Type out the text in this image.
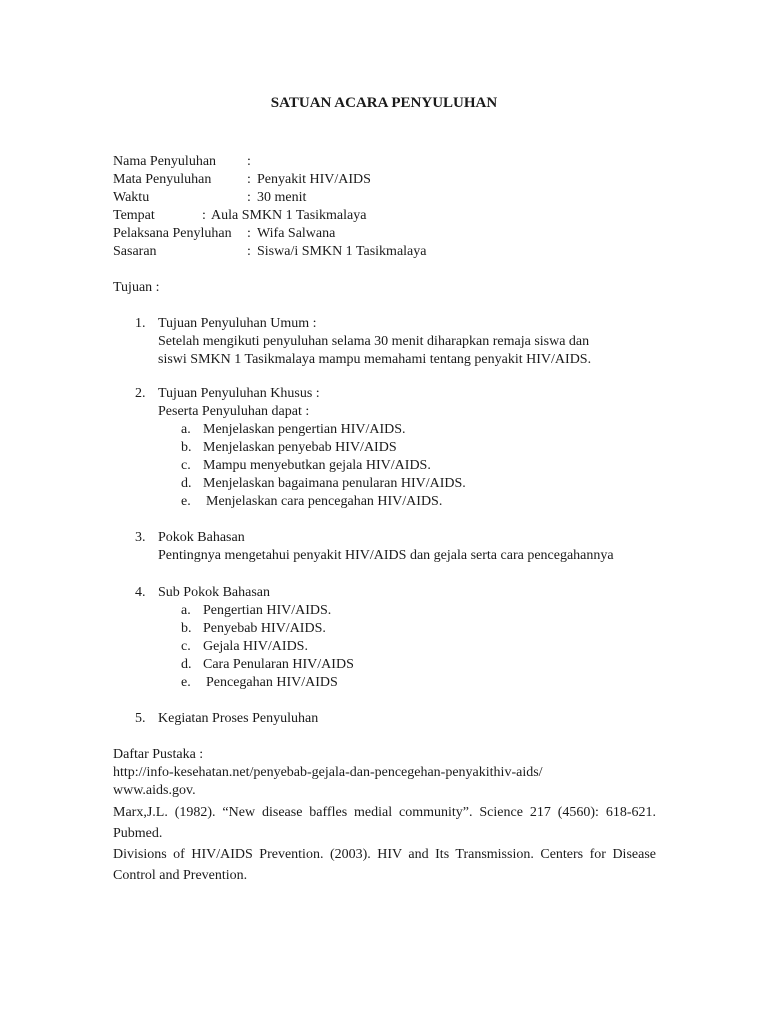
SATUAN ACARA PENYULUHAN
Nama Penyuluhan :
Mata Penyuluhan	: Penyakit HIV/AIDS
Waktu	: 30 menit
Tempat	: Aula SMKN 1 Tasikmalaya
Pelaksana Penyluhan : Wifa Salwana
Sasaran	: Siswa/i SMKN 1 Tasikmalaya
Tujuan :
1. Tujuan Penyuluhan Umum :
Setelah mengikuti penyuluhan selama 30 menit diharapkan remaja siswa dan
siswi SMKN 1 Tasikmalaya mampu memahami tentang penyakit HIV/AIDS.
2. Tujuan Penyuluhan Khusus :
Peserta Penyuluhan dapat :
a. Menjelaskan pengertian HIV/AIDS.
b. Menjelaskan penyebab HIV/AIDS
c. Mampu menyebutkan gejala HIV/AIDS.
d. Menjelaskan bagaimana penularan HIV/AIDS.
e. Menjelaskan cara pencegahan HIV/AIDS.
3. Pokok Bahasan
Pentingnya mengetahui penyakit HIV/AIDS dan gejala serta cara pencegahannya
4. Sub Pokok Bahasan
a. Pengertian HIV/AIDS.
b. Penyebab HIV/AIDS.
c. Gejala HIV/AIDS.
d. Cara Penularan HIV/AIDS
e. Pencegahan HIV/AIDS
5. Kegiatan Proses Penyuluhan
Daftar Pustaka :
http://info-kesehatan.net/penyebab-gejala-dan-pencegehan-penyakithiv-aids/
www.aids.gov.
Marx,J.L. (1982). “New disease baffles medial community”. Science 217 (4560): 618-621. Pubmed.
Divisions of HIV/AIDS Prevention. (2003). HIV and Its Transmission. Centers for Disease Control and Prevention.
